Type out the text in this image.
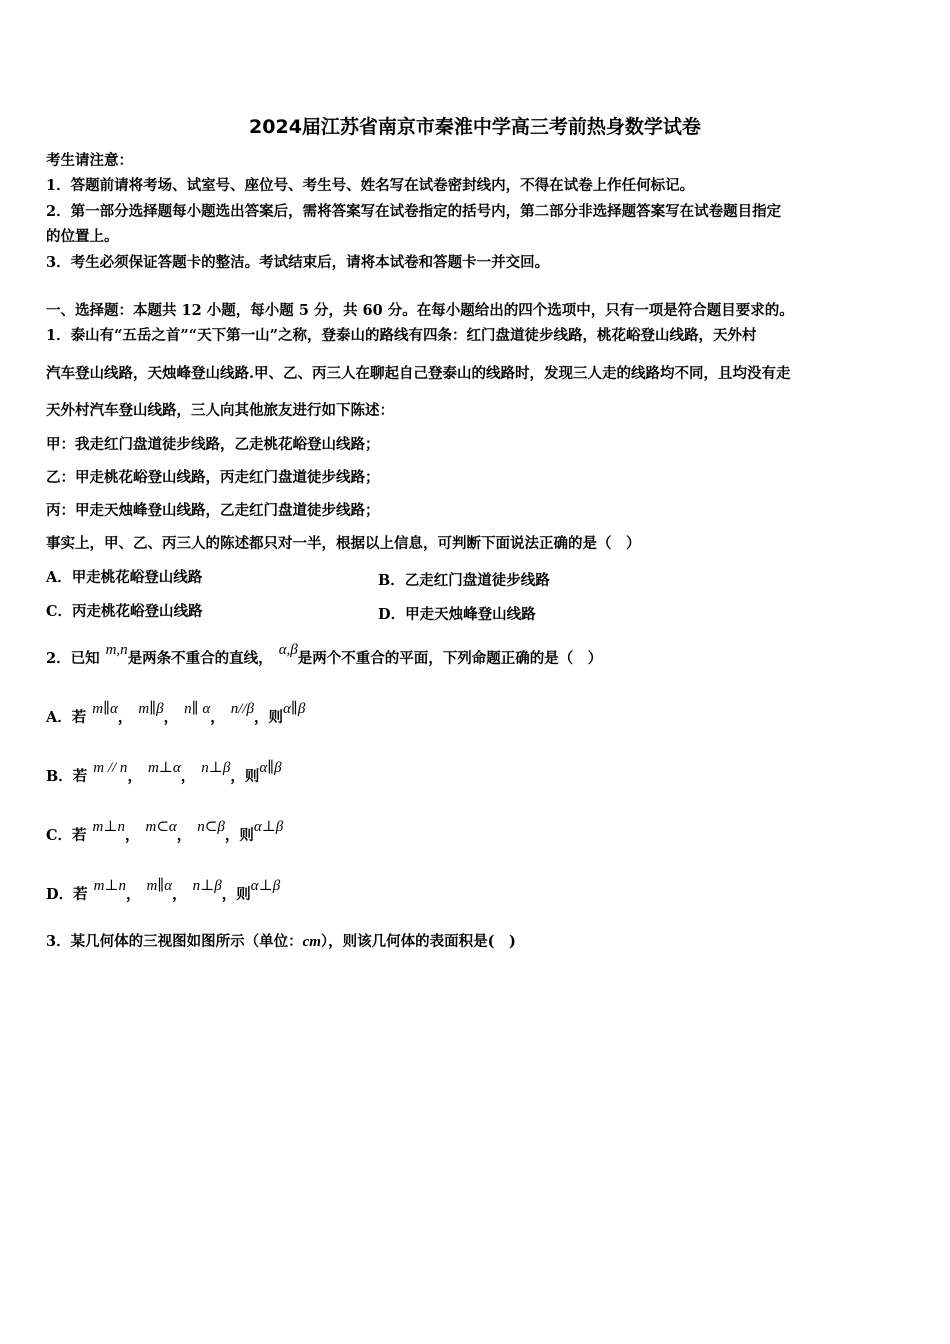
2024届江苏省南京市秦淮中学高三考前热身数学试卷
考生请注意：
1．答题前请将考场、试室号、座位号、考生号、姓名写在试卷密封线内，不得在试卷上作任何标记。
2．第一部分选择题每小题选出答案后，需将答案写在试卷指定的括号内，第二部分非选择题答案写在试卷题目指定
的位置上。
3．考生必须保证答题卡的整洁。考试结束后，请将本试卷和答题卡一并交回。
一、选择题：本题共 12 小题，每小题 5 分，共 60 分。在每小题给出的四个选项中，只有一项是符合题目要求的。
1．泰山有“五岳之首”“天下第一山”之称，登泰山的路线有四条：红门盘道徒步线路，桃花峪登山线路，天外村
汽车登山线路，天烛峰登山线路.甲、乙、丙三人在聊起自己登泰山的线路时，发现三人走的线路均不同，且均没有走
天外村汽车登山线路，三人向其他旅友进行如下陈述：
甲：我走红门盘道徒步线路，乙走桃花峪登山线路；
乙：甲走桃花峪登山线路，丙走红门盘道徒步线路；
丙：甲走天烛峰登山线路，乙走红门盘道徒步线路；
事实上，甲、乙、丙三人的陈述都只对一半，根据以上信息，可判断下面说法正确的是（　）
A．甲走桃花峪登山线路	B．乙走红门盘道徒步线路
C．丙走桃花峪登山线路	D．甲走天烛峰登山线路
2．已知 m,n是两条不重合的直线， α,β是两个不重合的平面，下列命题正确的是（　）
A．若 m∥α， m∥β， n∥ α， n//β，则α∥β
B．若 m // n， m⊥α， n⊥β，则α∥β
C．若 m⊥n， m⊂α， n⊂β，则α⊥β
D．若 m⊥n， m∥α， n⊥β，则α⊥β
3．某几何体的三视图如图所示（单位：cm），则该几何体的表面积是(　)
